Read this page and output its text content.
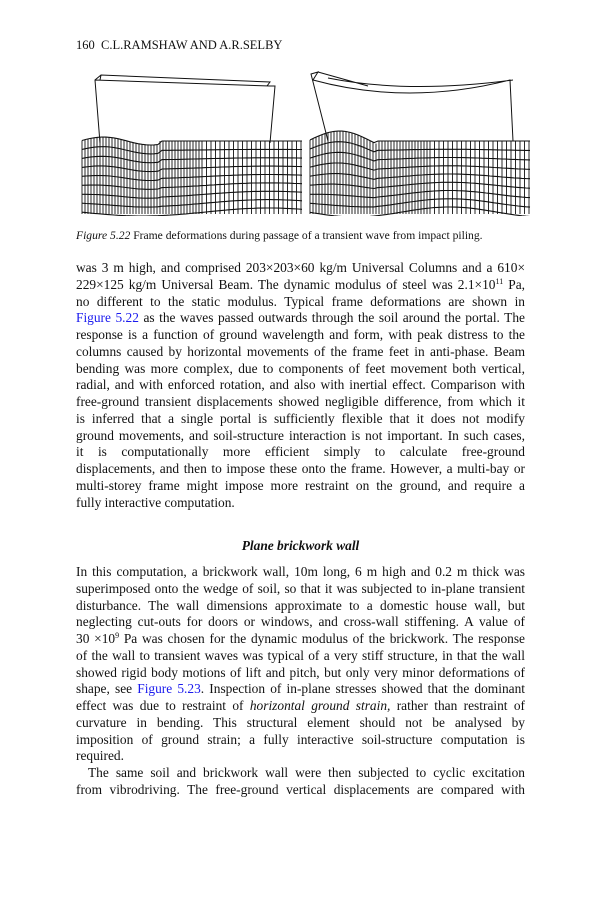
160 C.L.RAMSHAW AND A.R.SELBY
Figure 5.22 Frame deformations during passage of a transient wave from impact piling.
was 3 m high, and comprised 203×203×60 kg/m Universal Columns and a 610×
229×125 kg/m Universal Beam. The dynamic modulus of steel was $2.1\times 10^{11}$ Pa,
no different to the static modulus. Typical frame deformations are shown in
Figure 5.22 as the waves passed outwards through the soil around the portal. The
response is a function of ground wavelength and form, with peak distress to the
columns caused by horizontal movements of the frame feet in anti-phase. Beam
bending was more complex, due to components of feet movement both vertical,
radial, and with enforced rotation, and also with inertial effect. Comparison with
free-ground transient displacements showed negligible difference, from which it
is inferred that a single portal is sufficiently flexible that it does not modify
ground movements, and soil-structure interaction is not important. In such cases,
it is computationally more efficient simply to calculate free-ground
displacements, and then to impose these onto the frame. However, a multi-bay or
multi-storey frame might impose more restraint on the ground, and require a
fully interactive computation.
Plane brickwork wall
In this computation, a brickwork wall, 10m long, 6 m high and 0.2 m thick was
superimposed onto the wedge of soil, so that it was subjected to in-plane transient
disturbance. The wall dimensions approximate to a domestic house wall, but
neglecting cut-outs for doors or windows, and cross-wall stiffening. A value of
$30 \times 10^9$ Pa was chosen for the dynamic modulus of the brickwork. The response
of the wall to transient waves was typical of a very stiff structure, in that the wall
showed rigid body motions of lift and pitch, but only very minor deformations of
shape, see Figure 5.23. Inspection of in-plane stresses showed that the dominant
effect was due to restraint of horizontal ground strain, rather than restraint of
curvature in bending. This structural element should not be analysed by
imposition of ground strain; a fully interactive soil-structure computation is
required.
The same soil and brickwork wall were then subjected to cyclic excitation
from vibrodriving. The free-ground vertical displacements are compared with
